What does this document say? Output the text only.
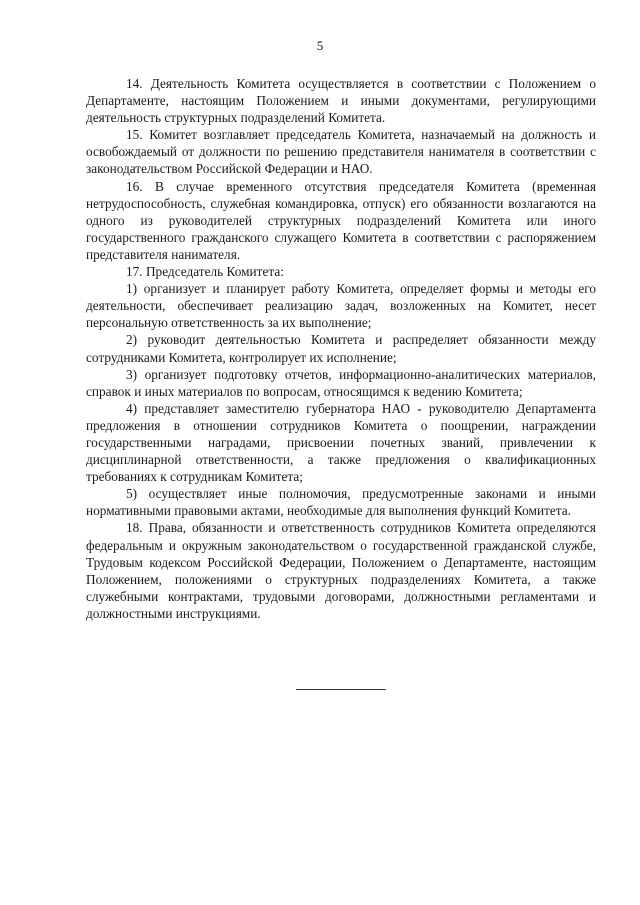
5

14. Деятельность Комитета осуществляется в соответствии с Положением о Департаменте, настоящим Положением и иными документами, регулирующими деятельность структурных подразделений Комитета.

15. Комитет возглавляет председатель Комитета, назначаемый на должность и освобождаемый от должности по решению представителя нанимателя в соответствии с законодательством Российской Федерации и НАО.

16. В случае временного отсутствия председателя Комитета (временная нетрудоспособность, служебная командировка, отпуск) его обязанности возлагаются на одного из руководителей структурных подразделений Комитета или иного государственного гражданского служащего Комитета в соответствии с распоряжением представителя нанимателя.

17. Председатель Комитета:

1) организует и планирует работу Комитета, определяет формы и методы его деятельности, обеспечивает реализацию задач, возложенных на Комитет, несет персональную ответственность за их выполнение;

2) руководит деятельностью Комитета и распределяет обязанности между сотрудниками Комитета, контролирует их исполнение;

3) организует подготовку отчетов, информационно-аналитических материалов, справок и иных материалов по вопросам, относящимся к ведению Комитета;

4) представляет заместителю губернатора НАО - руководителю Департамента предложения в отношении сотрудников Комитета о поощрении, награждении государственными наградами, присвоении почетных званий, привлечении к дисциплинарной ответственности, а также предложения о квалификационных требованиях к сотрудникам Комитета;

5) осуществляет иные полномочия, предусмотренные законами и иными нормативными правовыми актами, необходимые для выполнения функций Комитета.

18. Права, обязанности и ответственность сотрудников Комитета определяются федеральным и окружным законодательством о государственной гражданской службе, Трудовым кодексом Российской Федерации, Положением о Департаменте, настоящим Положением, положениями о структурных подразделениях Комитета, а также служебными контрактами, трудовыми договорами, должностными регламентами и должностными инструкциями.
